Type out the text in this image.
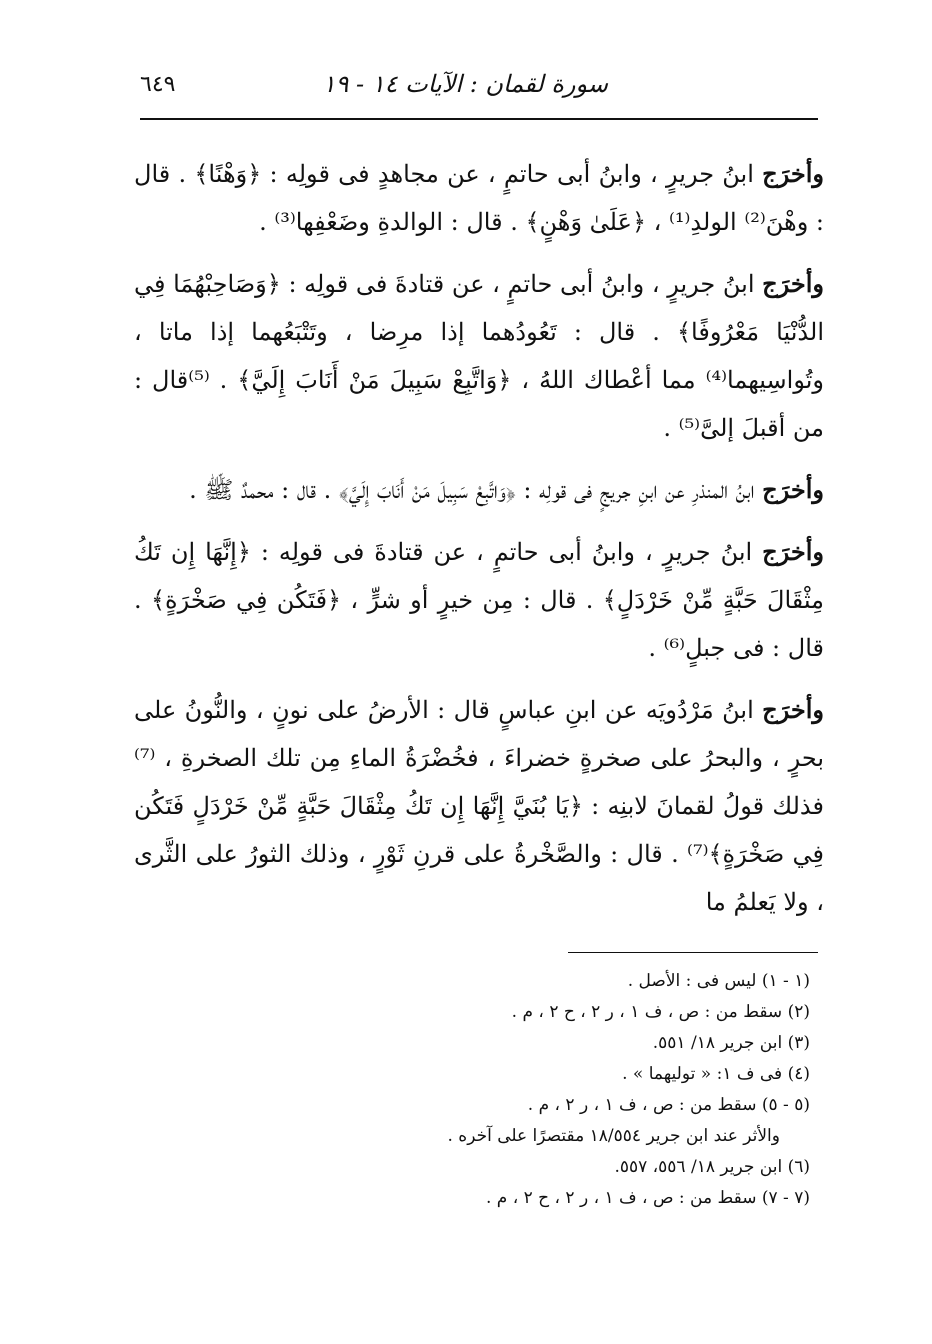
٦٤٩	سورة لقمان : الآيات ١٤ - ١٩

وأخرَج ابنُ جريرٍ ، وابنُ أبى حاتمٍ ، عن مجاهدٍ فى قولِه : ﴿وَهْنًا﴾ . قال : وهْنَ⁽²⁾ الولدِ⁽¹⁾ ، ﴿عَلَىٰ وَهْنٍ﴾ . قال : الوالدةِ وضَعْفِها⁽³⁾ .

وأخرَج ابنُ جريرٍ ، وابنُ أبى حاتمٍ ، عن قتادةَ فى قولِه : ﴿وَصَاحِبْهُمَا فِي الدُّنْيَا مَعْرُوفًا﴾ . قال : تَعُودُهما إذا مرِضا ، وتَتْبَعُهما إذا ماتا ، وتُواسِيهما⁽⁴⁾ مما أعْطاك اللهُ ، ﴿وَاتَّبِعْ سَبِيلَ مَنْ أَنَابَ إِلَيَّ﴾ . ⁽⁵⁾قال : من أقبلَ إلىَّ⁽⁵⁾ .

وأخرَج ابنُ المنذرِ عن ابنِ جريجٍ فى قولِه : ﴿وَاتَّبِعْ سَبِيلَ مَنْ أَنَابَ إِلَيَّ﴾ . قال : محمدٌ ﷺ .

وأخرَج ابنُ جريرٍ ، وابنُ أبى حاتمٍ ، عن قتادةَ فى قولِه : ﴿إِنَّهَا إِن تَكُ مِثْقَالَ حَبَّةٍ مِّنْ خَرْدَلٍ﴾ . قال : مِن خيرٍ أو شرٍّ ، ﴿فَتَكُن فِي صَخْرَةٍ﴾ . قال : فى جبلٍ⁽⁶⁾ .

وأخرَج ابنُ مَرْدُويَه عن ابنِ عباسٍ قال : الأرضُ على نونٍ ، والنُّونُ على بحرٍ ، والبحرُ على صخرةٍ خضراءَ ، فخُضْرَةُ الماءِ مِن تلك الصخرةِ ، ⁽⁷⁾فذلك قولُ لقمانَ لابنِه : ﴿يَا بُنَيَّ إِنَّهَا إِن تَكُ مِثْقَالَ حَبَّةٍ مِّنْ خَرْدَلٍ فَتَكُن فِي صَخْرَةٍ﴾⁽⁷⁾ . قال : والصَّخْرةُ على قرنِ ثَوْرٍ ، وذلك الثورُ على الثَّرى ، ولا يَعلمُ ما

(١ - ١) ليس فى : الأصل .

(٢) سقط من : ص ، ف ١ ، ر ٢ ، ح ٢ ، م .

(٣) ابن جرير ١٨/ ٥٥١.

(٤) فى ف ١: « توليهما » .

(٥ - ٥) سقط من : ص ، ف ١ ، ر ٢ ، م .

والأثر عند ابن جرير ١٨/٥٥٤ مقتصرًا على آخره .

(٦) ابن جرير ١٨/ ٥٥٦، ٥٥٧.

(٧ - ٧) سقط من : ص ، ف ١ ، ر ٢ ، ح ٢ ، م .
